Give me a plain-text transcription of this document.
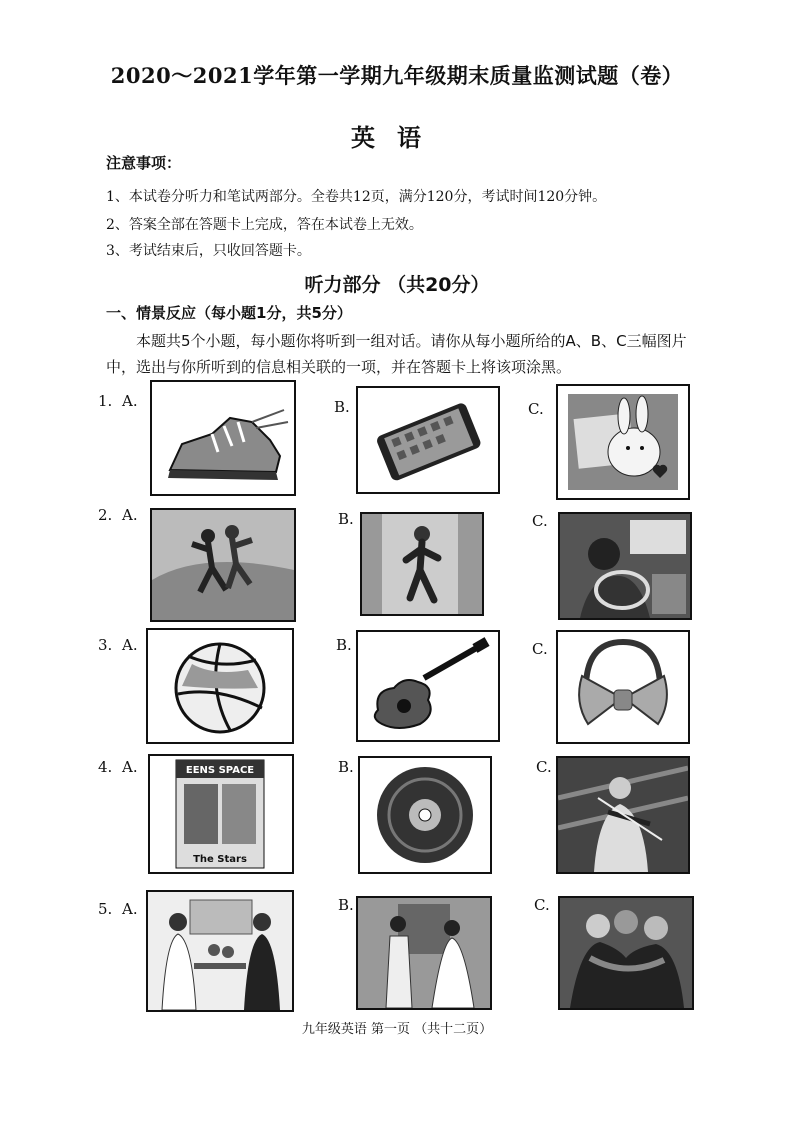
2020～2021学年第一学期九年级期末质量监测试题（卷）
英语
注意事项：
1、本试卷分听力和笔试两部分。全卷共12页，满分120分，考试时间120分钟。
2、答案全部在答题卡上完成，答在本试卷上无效。
3、考试结束后，只收回答题卡。
听力部分 （共20分）
一、情景反应（每小题1分，共5分）
本题共5个小题，每小题你将听到一组对话。请你从每小题所给的A、B、C三幅图片中，选出与你所听到的信息相关联的一项，并在答题卡上将该项涂黑。
1. A.	B.	C.
2. A.	B.	C.
3. A.	B.	C.
4. A.	EENS SPACE
The Stars
B.	C.
5. A.	B.	C.
九年级英语 第一页 （共十二页）
